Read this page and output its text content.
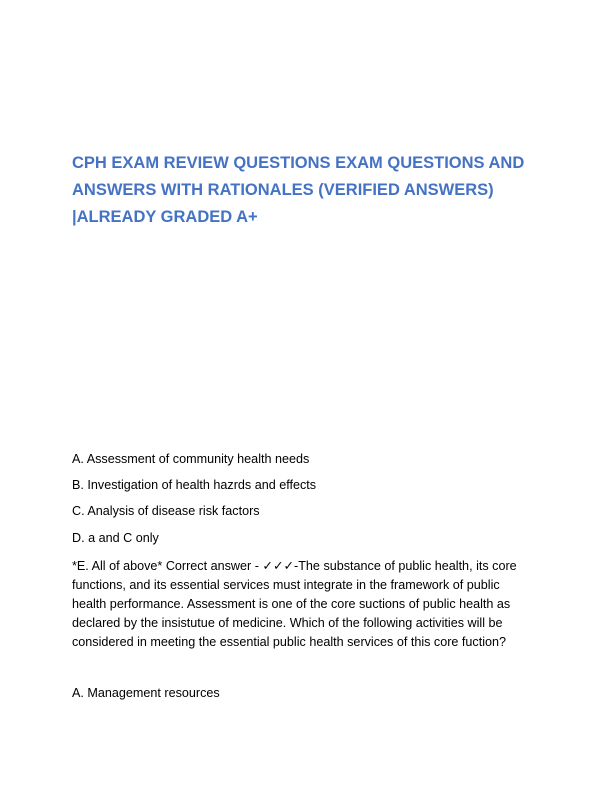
CPH EXAM REVIEW QUESTIONS EXAM QUESTIONS AND
ANSWERS WITH RATIONALES (VERIFIED ANSWERS)
|ALREADY GRADED A+

A. Assessment of community health needs

B. Investigation of health hazrds and effects

C. Analysis of disease risk factors

D. a and C only

*E. All of above* Correct answer - ✓✓✓-The substance of public health, its core
functions, and its essential services must integrate in the framework of public
health performance. Assessment is one of the core suctions of public health as
declared by the insistutue of medicine. Which of the following activities will be
considered in meeting the essential public health services of this core fuction?

A. Management resources
